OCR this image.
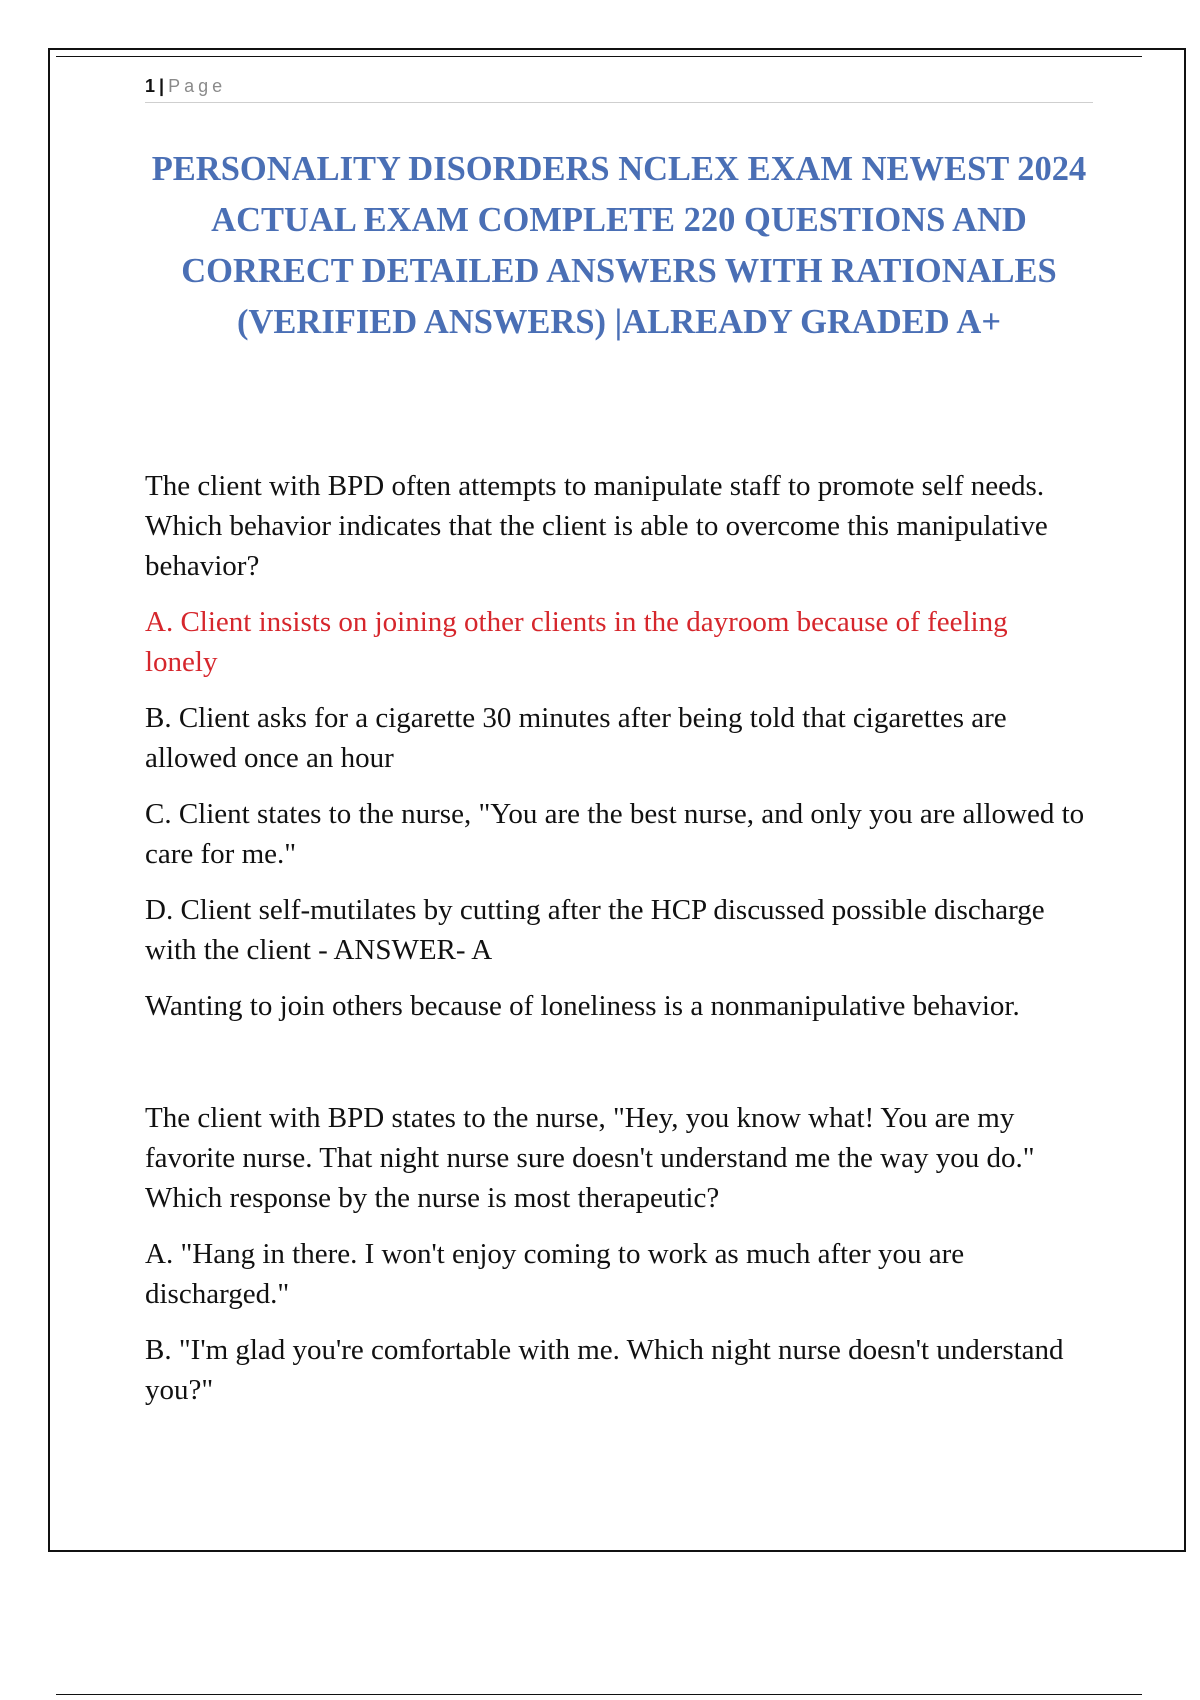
1 | Page
PERSONALITY DISORDERS NCLEX EXAM NEWEST 2024 ACTUAL EXAM COMPLETE 220 QUESTIONS AND CORRECT DETAILED ANSWERS WITH RATIONALES (VERIFIED ANSWERS) |ALREADY GRADED A+

The client with BPD often attempts to manipulate staff to promote self needs. Which behavior indicates that the client is able to overcome this manipulative behavior?

A. Client insists on joining other clients in the dayroom because of feeling lonely

B. Client asks for a cigarette 30 minutes after being told that cigarettes are allowed once an hour

C. Client states to the nurse, "You are the best nurse, and only you are allowed to care for me."

D. Client self-mutilates by cutting after the HCP discussed possible discharge with the client - ANSWER- A

Wanting to join others because of loneliness is a nonmanipulative behavior.

The client with BPD states to the nurse, "Hey, you know what! You are my favorite nurse. That night nurse sure doesn't understand me the way you do." Which response by the nurse is most therapeutic?

A. "Hang in there. I won't enjoy coming to work as much after you are discharged."

B. "I'm glad you're comfortable with me. Which night nurse doesn't understand you?"
